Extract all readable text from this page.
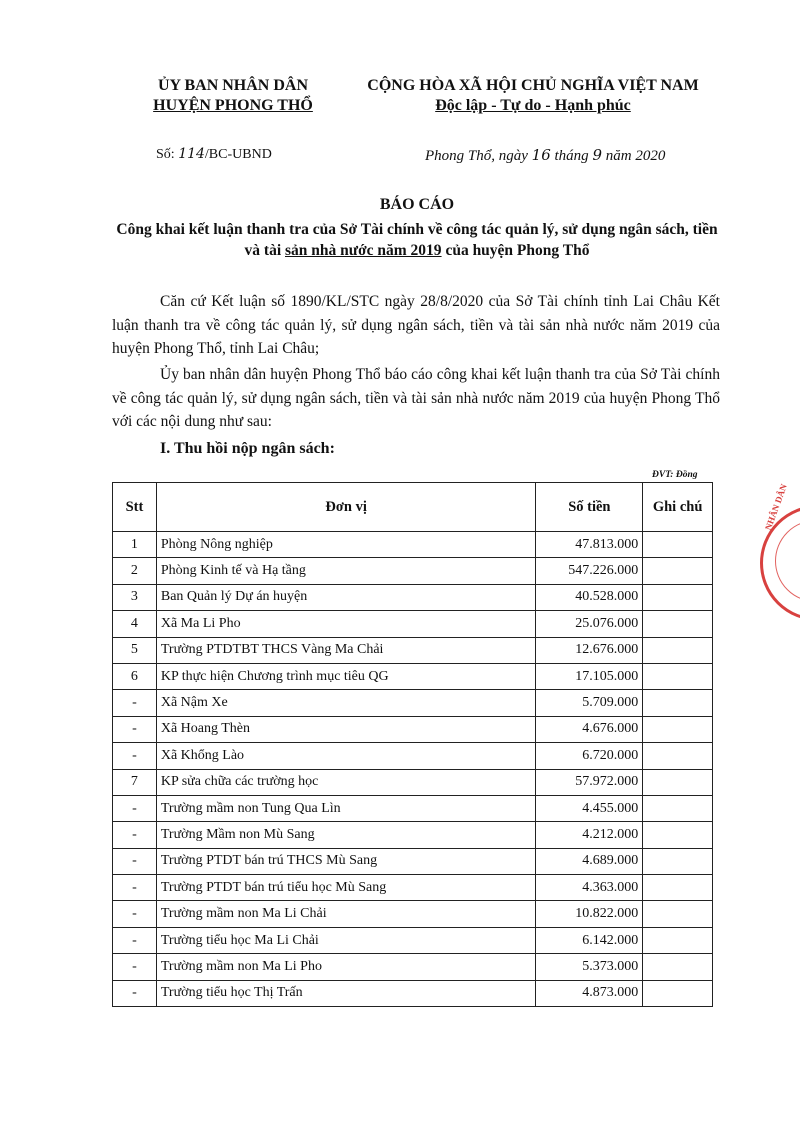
ỦY BAN NHÂN DÂN
HUYỆN PHONG THỔ
CỘNG HÒA XÃ HỘI CHỦ NGHĨA VIỆT NAM
Độc lập - Tự do - Hạnh phúc
Số: 114/BC-UBND	Phong Thổ, ngày 16 tháng 9 năm 2020
BÁO CÁO
Công khai kết luận thanh tra của Sở Tài chính về công tác quản lý, sử dụng ngân sách, tiền và tài sản nhà nước năm 2019 của huyện Phong Thổ
Căn cứ Kết luận số 1890/KL/STC ngày 28/8/2020 của Sở Tài chính tỉnh Lai Châu Kết luận thanh tra về công tác quản lý, sử dụng ngân sách, tiền và tài sản nhà nước năm 2019 của huyện Phong Thổ, tỉnh Lai Châu;
Ủy ban nhân dân huyện Phong Thổ báo cáo công khai kết luận thanh tra của Sở Tài chính về công tác quản lý, sử dụng ngân sách, tiền và tài sản nhà nước năm 2019 của huyện Phong Thổ với các nội dung như sau:
I. Thu hồi nộp ngân sách:
ĐVT: Đồng
Stt	Đơn vị	Số tiền	Ghi chú
1	Phòng Nông nghiệp	47.813.000	
2	Phòng Kinh tế và Hạ tầng	547.226.000	
3	Ban Quản lý Dự án huyện	40.528.000	
4	Xã Ma Li Pho	25.076.000	
5	Trường PTDTBT THCS Vàng Ma Chải	12.676.000	
6	KP thực hiện Chương trình mục tiêu QG	17.105.000	
-	Xã Nậm Xe	5.709.000	
-	Xã Hoang Thèn	4.676.000	
-	Xã Khổng Lào	6.720.000	
7	KP sửa chữa các trường học	57.972.000	
-	Trường mầm non Tung Qua Lìn	4.455.000	
-	Trường Mầm non Mù Sang	4.212.000	
-	Trường PTDT bán trú THCS Mù Sang	4.689.000	
-	Trường PTDT bán trú tiểu học Mù Sang	4.363.000	
-	Trường mầm non Ma Li Chải	10.822.000	
-	Trường tiểu học Ma Li Chải	6.142.000	
-	Trường mầm non Ma Li Pho	5.373.000	
-	Trường tiểu học Thị Trấn	4.873.000	
NHÂN DÂN
